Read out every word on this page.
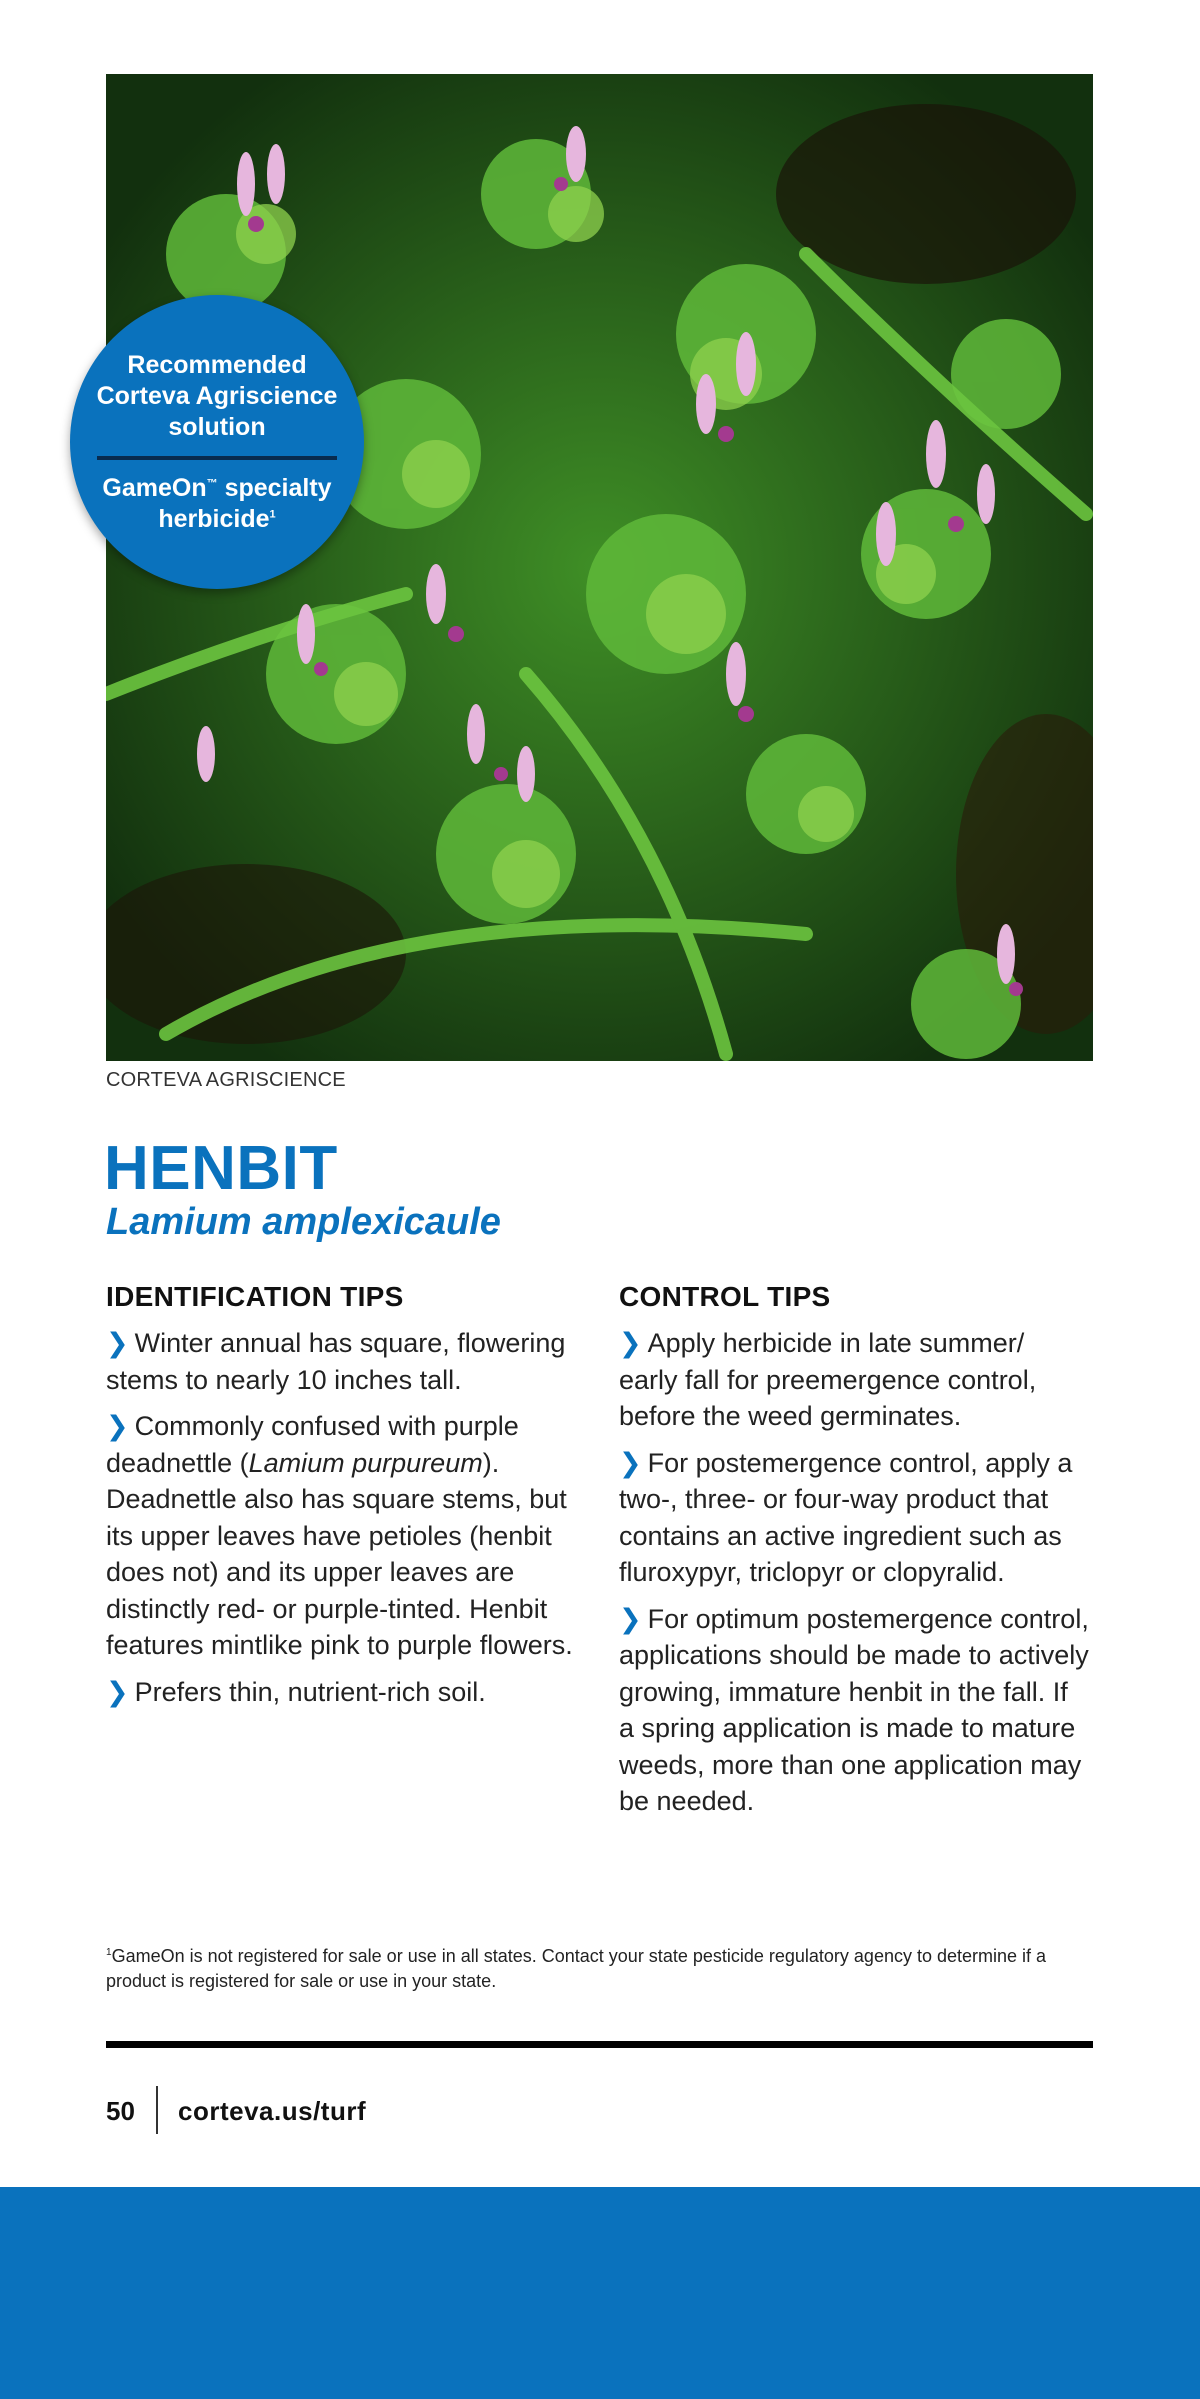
Recommended Corteva Agriscience solution
GameOn™ specialty herbicide$^1$
CORTEVA AGRISCIENCE
HENBIT
Lamium amplexicaule
IDENTIFICATION TIPS

❯ Winter annual has square, flowering stems to nearly 10 inches tall.

❯ Commonly confused with purple deadnettle (Lamium purpureum). Deadnettle also has square stems, but its upper leaves have petioles (henbit does not) and its upper leaves are distinctly red- or purple-tinted. Henbit features mintlike pink to purple flowers.

❯ Prefers thin, nutrient-rich soil.

CONTROL TIPS

❯ Apply herbicide in late summer/ early fall for preemergence control, before the weed germinates.

❯ For postemergence control, apply a two-, three- or four-way product that contains an active ingredient such as fluroxypyr, triclopyr or clopyralid.

❯ For optimum postemergence control, applications should be made to actively growing, immature henbit in the fall. If a spring application is made to mature weeds, more than one application may be needed.

$^1$GameOn is not registered for sale or use in all states. Contact your state pesticide regulatory agency to determine if a product is registered for sale or use in your state.
50 corteva.us/turf
